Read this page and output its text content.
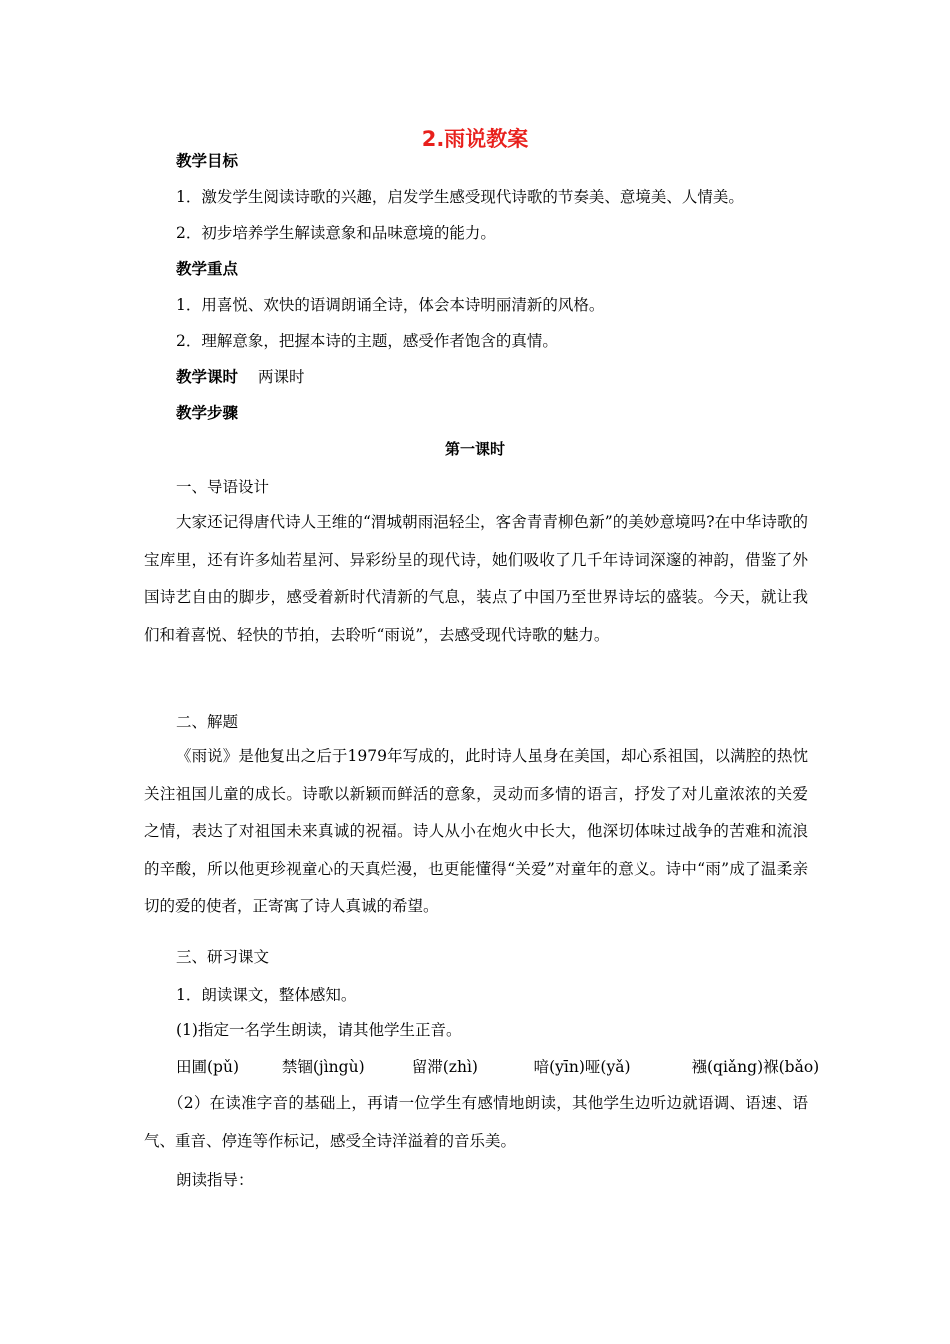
2.雨说教案
教学目标
1．激发学生阅读诗歌的兴趣，启发学生感受现代诗歌的节奏美、意境美、人情美。
2．初步培养学生解读意象和品味意境的能力。
教学重点
1．用喜悦、欢快的语调朗诵全诗，体会本诗明丽清新的风格。
2．理解意象，把握本诗的主题，感受作者饱含的真情。
教学课时 两课时
教学步骤
第一课时
一、导语设计
大家还记得唐代诗人王维的“渭城朝雨浥轻尘，客舍青青柳色新”的美妙意境吗?在中华诗歌的宝库里，还有许多灿若星河、异彩纷呈的现代诗，她们吸收了几千年诗词深邃的神韵，借鉴了外国诗艺自由的脚步，感受着新时代清新的气息，装点了中国乃至世界诗坛的盛装。今天，就让我们和着喜悦、轻快的节拍，去聆听“雨说”，去感受现代诗歌的魅力。
二、解题
《雨说》是他复出之后于1979年写成的，此时诗人虽身在美国，却心系祖国，以满腔的热忱关注祖国儿童的成长。诗歌以新颖而鲜活的意象，灵动而多情的语言，抒发了对儿童浓浓的关爱之情，表达了对祖国未来真诚的祝福。诗人从小在炮火中长大，他深切体味过战争的苦难和流浪的辛酸，所以他更珍视童心的天真烂漫，也更能懂得“关爱”对童年的意义。诗中“雨”成了温柔亲切的爱的使者，正寄寓了诗人真诚的希望。
三、研习课文
1．朗读课文，整体感知。
(1)指定一名学生朗读，请其他学生正音。
田圃(pǔ)	禁锢(jìngù)	留滞(zhì)	喑(yīn)哑(yǎ)	襁(qiǎng)褓(bǎo)
（2）在读准字音的基础上，再请一位学生有感情地朗读，其他学生边听边就语调、语速、语气、重音、停连等作标记，感受全诗洋溢着的音乐美。
朗读指导：
